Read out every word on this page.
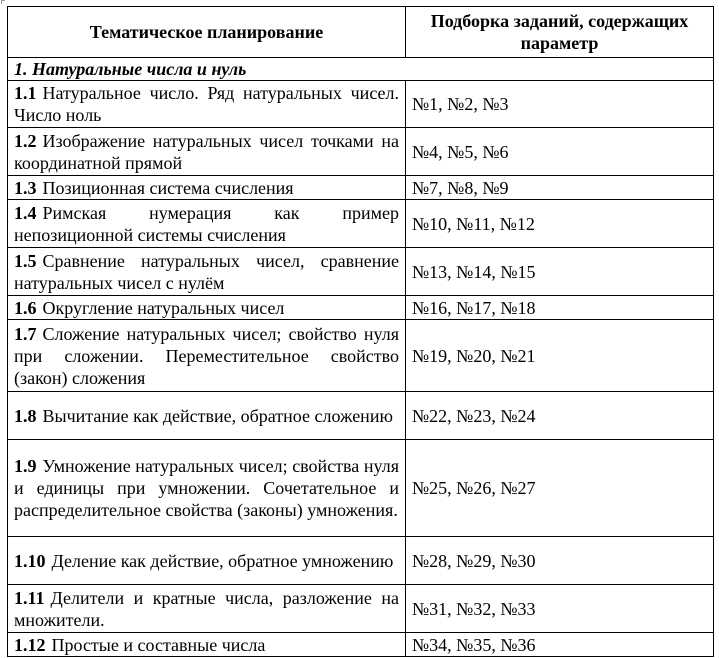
Тематическое планирование	Подборка заданий, содержащих параметр
1. Натуральные числа и нуль	
1.1 Натуральное число. Ряд натуральных чисел. Число ноль	№1, №2, №3
1.2 Изображение натуральных чисел точками на координатной прямой	№4, №5, №6
1.3 Позиционная система счисления	№7, №8, №9
1.4 Римская нумерация как пример непозиционной системы счисления	№10, №11, №12
1.5 Сравнение натуральных чисел, сравнение натуральных чисел с нулём	№13, №14, №15
1.6 Округление натуральных чисел	№16, №17, №18
1.7 Сложение натуральных чисел; свойство нуля при сложении. Переместительное свойство (закон) сложения	№19, №20, №21
1.8 Вычитание как действие, обратное сложению	№22, №23, №24
1.9 Умножение натуральных чисел; свойства нуля и единицы при умножении. Сочетательное и распределительное свойства (законы) умножения.	№25, №26, №27
1.10 Деление как действие, обратное умножению	№28, №29, №30
1.11 Делители и кратные числа, разложение на множители.	№31, №32, №33
1.12 Простые и составные числа	№34, №35, №36
